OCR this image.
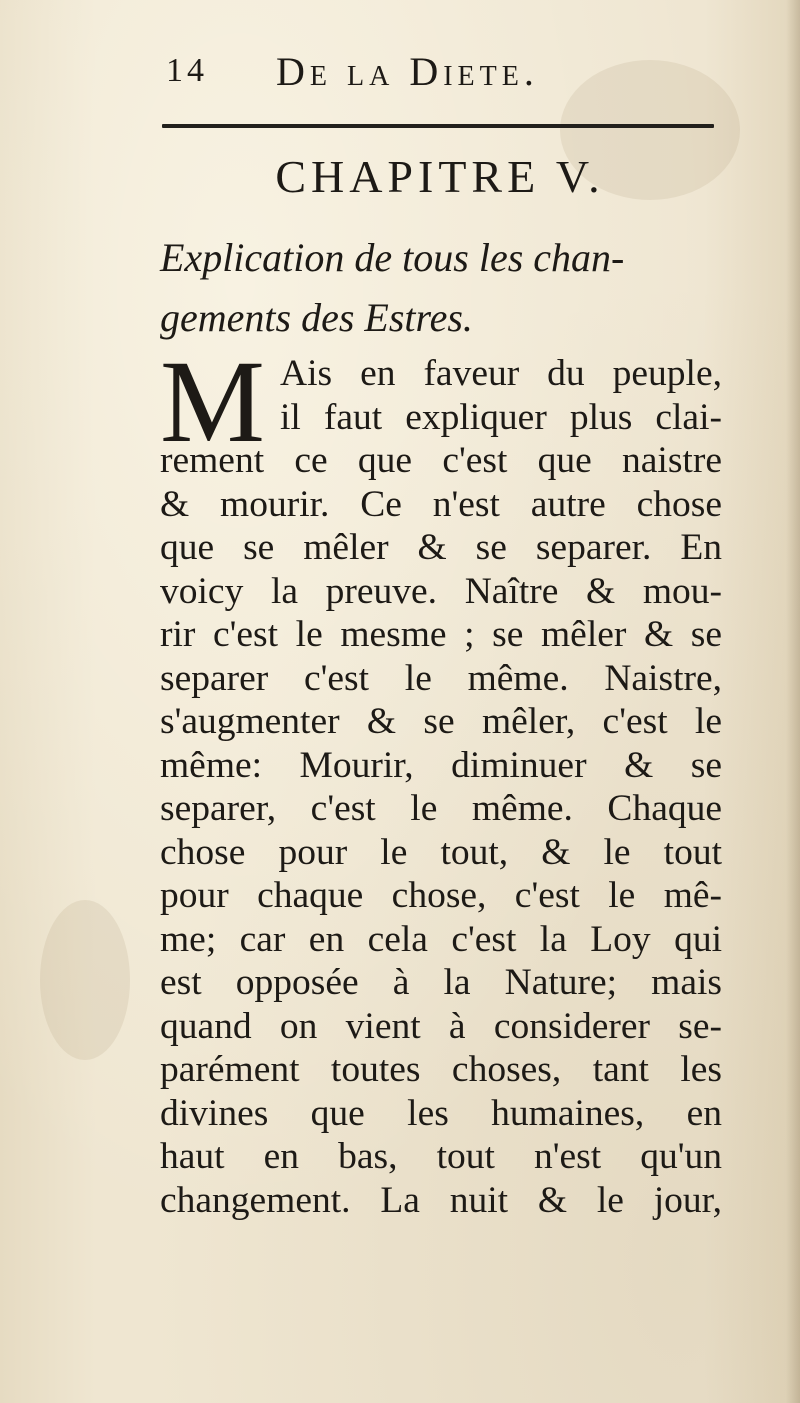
14 De la Diete.
CHAPITRE V.

Explication de tous les chan-
gements des Estres.

M Ais en faveur du peuple,
il faut expliquer plus clai-
rement ce que c'est que naistre
& mourir. Ce n'est autre chose
que se mêler & se separer. En
voicy la preuve. Naître & mou-
rir c'est le mesme ; se mêler & se
separer c'est le même. Naistre,
s'augmenter & se mêler, c'est le
même: Mourir, diminuer & se
separer, c'est le même. Chaque
chose pour le tout, & le tout
pour chaque chose, c'est le mê-
me; car en cela c'est la Loy qui
est opposée à la Nature; mais
quand on vient à considerer se-
parément toutes choses, tant les
divines que les humaines, en
haut en bas, tout n'est qu'un
changement. La nuit & le jour,
